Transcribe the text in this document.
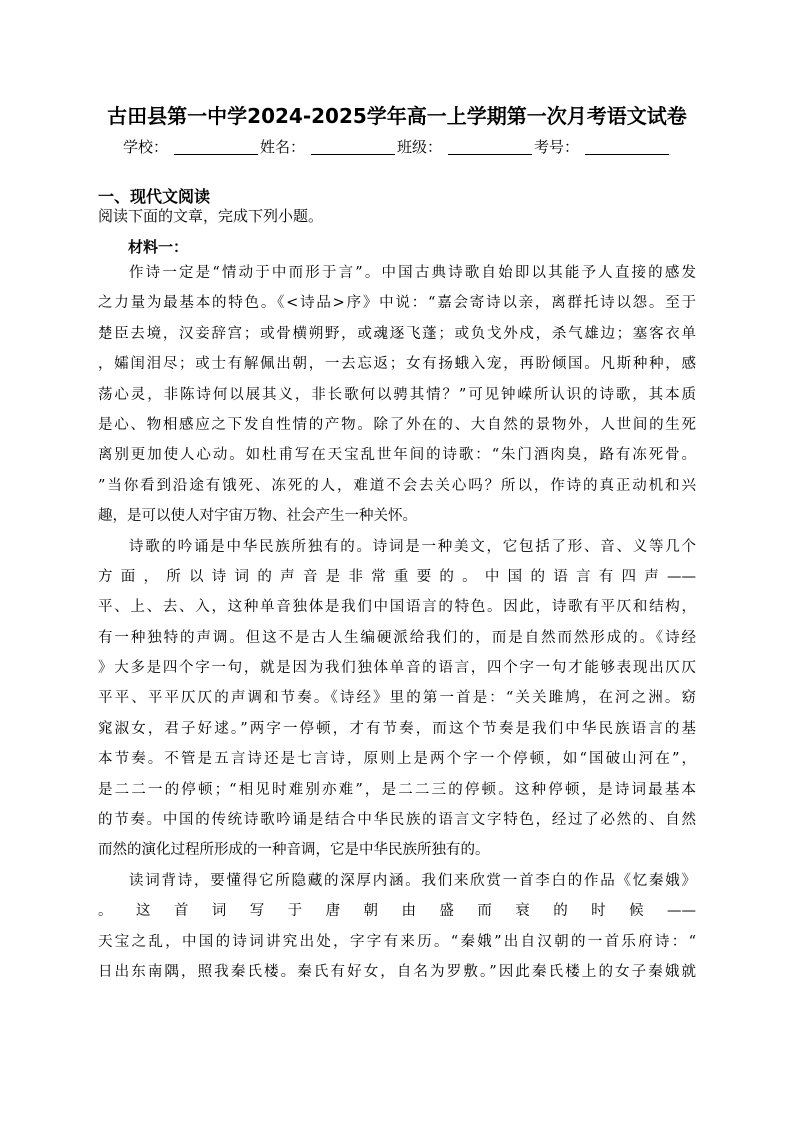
古田县第一中学2024-2025学年高一上学期第一次月考语文试卷
学校：	姓名：	班级：	考号：
一、现代文阅读
阅读下面的文章，完成下列小题。
材料一：
作诗一定是“情动于中而形于言”。中国古典诗歌自始即以其能予人直接的感发
之力量为最基本的特色。《<诗品>序》中说：“嘉会寄诗以亲，离群托诗以怨。至于
楚臣去境，汉妾辞宫；或骨横朔野，或魂逐飞蓬；或负戈外戍，杀气雄边；塞客衣单
，孀闺泪尽；或士有解佩出朝，一去忘返；女有扬蛾入宠，再盼倾国。凡斯种种，感
荡心灵，非陈诗何以展其义，非长歌何以骋其情？”可见钟嵘所认识的诗歌，其本质
是心、物相感应之下发自性情的产物。除了外在的、大自然的景物外，人世间的生死
离别更加使人心动。如杜甫写在天宝乱世年间的诗歌：“朱门酒肉臭，路有冻死骨。
”当你看到沿途有饿死、冻死的人，难道不会去关心吗？所以，作诗的真正动机和兴
趣，是可以使人对宇宙万物、社会产生一种关怀。
诗歌的吟诵是中华民族所独有的。诗词是一种美文，它包括了形、音、义等几个
方面，所以诗词的声音是非常重要的。中国的语言有四声——
平、上、去、入，这种单音独体是我们中国语言的特色。因此，诗歌有平仄和结构，
有一种独特的声调。但这不是古人生编硬派给我们的，而是自然而然形成的。《诗经
》大多是四个字一句，就是因为我们独体单音的语言，四个字一句才能够表现出仄仄
平平、平平仄仄的声调和节奏。《诗经》里的第一首是：“关关雎鸠，在河之洲。窈
窕淑女，君子好逑。”两字一停顿，才有节奏，而这个节奏是我们中华民族语言的基
本节奏。不管是五言诗还是七言诗，原则上是两个字一个停顿，如“国破山河在”，
是二二一的停顿；“相见时难别亦难”，是二二三的停顿。这种停顿，是诗词最基本
的节奏。中国的传统诗歌吟诵是结合中华民族的语言文字特色，经过了必然的、自然
而然的演化过程所形成的一种音调，它是中华民族所独有的。
读词背诗，要懂得它所隐藏的深厚内涵。我们来欣赏一首李白的作品《忆秦娥》
。这首词写于唐朝由盛而衰的时候——
天宝之乱，中国的诗词讲究出处，字字有来历。“秦娥”出自汉朝的一首乐府诗：“
日出东南隅，照我秦氏楼。秦氏有好女，自名为罗敷。”因此秦氏楼上的女子秦娥就
